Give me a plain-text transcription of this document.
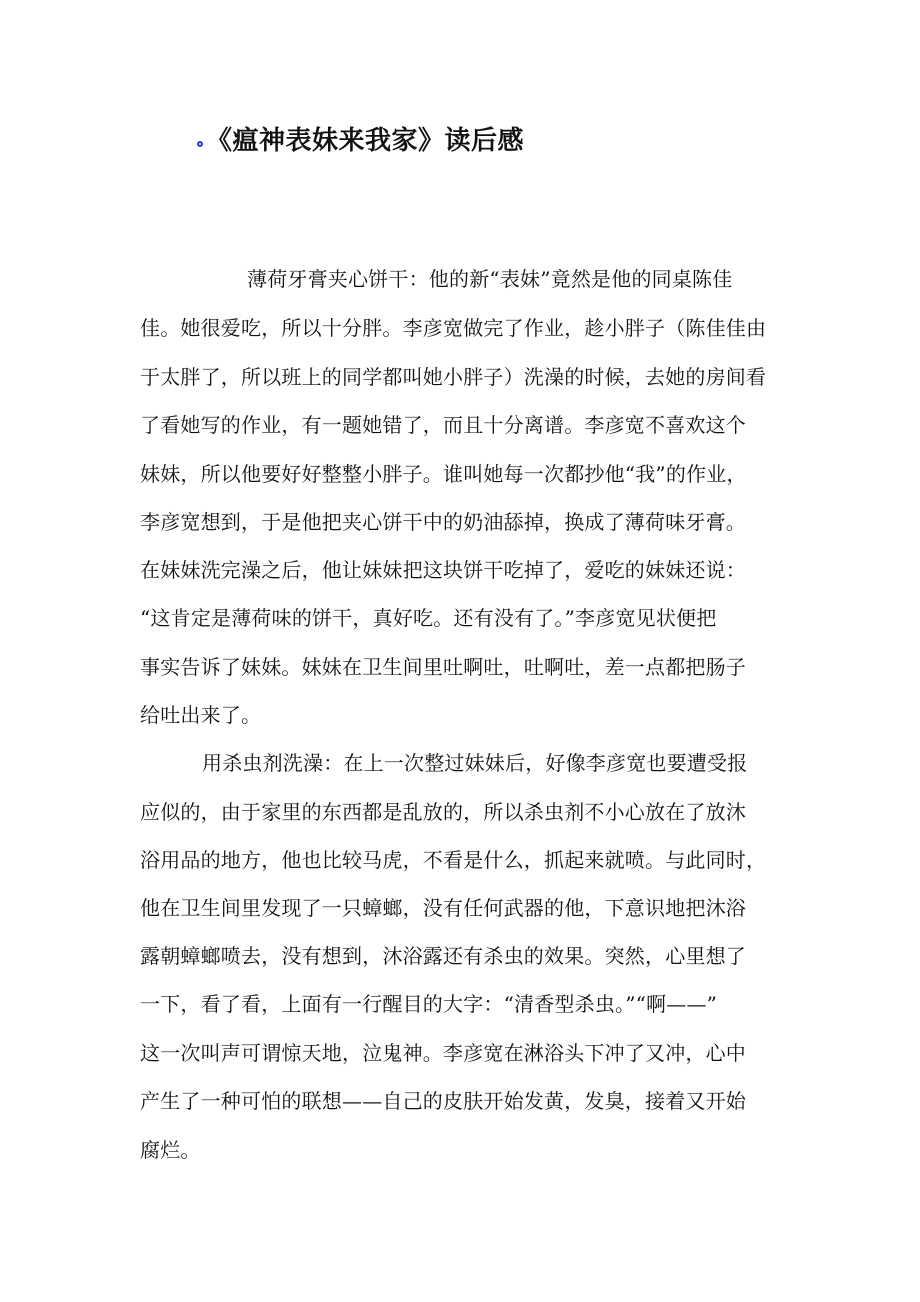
《瘟神表妹来我家》读后感
薄荷牙膏夹心饼干：他的新“表妹”竟然是他的同桌陈佳
佳。她很爱吃，所以十分胖。李彦宽做完了作业，趁小胖子（陈佳佳由
于太胖了，所以班上的同学都叫她小胖子）洗澡的时候，去她的房间看
了看她写的作业，有一题她错了，而且十分离谱。李彦宽不喜欢这个
妹妹，所以他要好好整整小胖子。谁叫她每一次都抄他“我”的作业，
李彦宽想到，于是他把夹心饼干中的奶油舔掉，换成了薄荷味牙膏。
在妹妹洗完澡之后，他让妹妹把这块饼干吃掉了，爱吃的妹妹还说：
“这肯定是薄荷味的饼干，真好吃。还有没有了。”李彦宽见状便把
事实告诉了妹妹。妹妹在卫生间里吐啊吐，吐啊吐，差一点都把肠子
给吐出来了。
用杀虫剂洗澡：在上一次整过妹妹后，好像李彦宽也要遭受报
应似的，由于家里的东西都是乱放的，所以杀虫剂不小心放在了放沐
浴用品的地方，他也比较马虎，不看是什么，抓起来就喷。与此同时，
他在卫生间里发现了一只蟑螂，没有任何武器的他，下意识地把沐浴
露朝蟑螂喷去，没有想到，沐浴露还有杀虫的效果。突然，心里想了
一下，看了看，上面有一行醒目的大字：“清香型杀虫。”“啊——”
这一次叫声可谓惊天地，泣鬼神。李彦宽在淋浴头下冲了又冲，心中
产生了一种可怕的联想——自己的皮肤开始发黄，发臭，接着又开始
腐烂。
